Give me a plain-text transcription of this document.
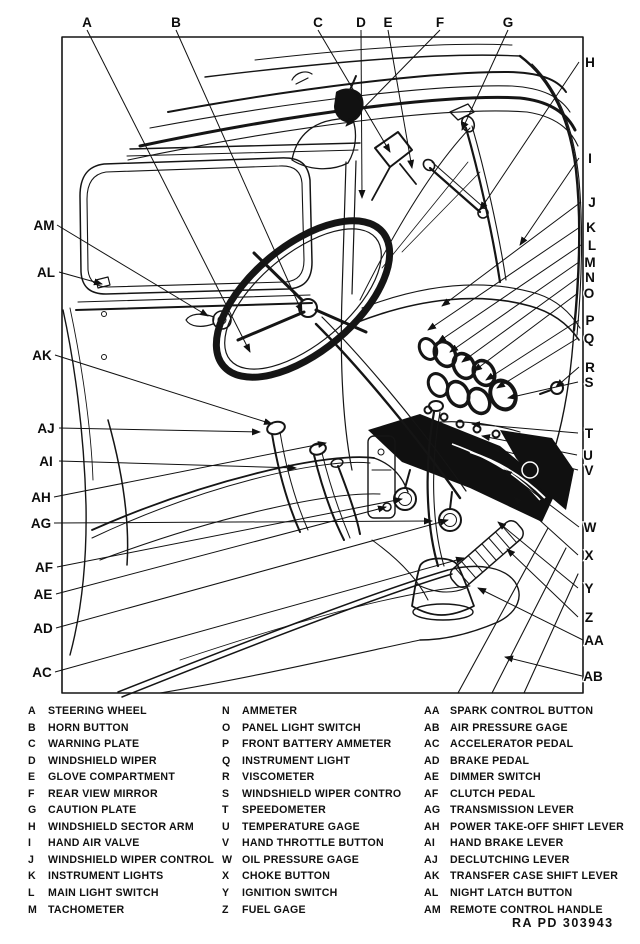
A	B	C D E	F	G
H
I
J
K
L
M
N
O
P
Q
R
S
T
U
V
W
X
Y
Z
AA
AB
AM
AL
AK
AJ
AI
AH
AG
AF
AE
AD
AC
A	STEERING WHEEL
B	HORN BUTTON
C	WARNING PLATE
D	WINDSHIELD WIPER
E	GLOVE COMPARTMENT
F	REAR VIEW MIRROR
G	CAUTION PLATE
H	WINDSHIELD SECTOR ARM
I	HAND AIR VALVE
J	WINDSHIELD WIPER CONTROL
K	INSTRUMENT LIGHTS
L	MAIN LIGHT SWITCH
M	TACHOMETER
N	AMMETER
O	PANEL LIGHT SWITCH
P	FRONT BATTERY AMMETER
Q	INSTRUMENT LIGHT
R	VISCOMETER
S	WINDSHIELD WIPER CONTRO
T	SPEEDOMETER
U	TEMPERATURE GAGE
V	HAND THROTTLE BUTTON
W OIL PRESSURE GAGE
X	CHOKE BUTTON
Y	IGNITION SWITCH
Z	FUEL GAGE
AA SPARK CONTROL BUTTON
AB AIR PRESSURE GAGE
AC ACCELERATOR PEDAL
AD BRAKE PEDAL
AE	DIMMER SWITCH
AF	CLUTCH PEDAL
AG TRANSMISSION LEVER
AH POWER TAKE-OFF SHIFT LEVER
AI	HAND BRAKE LEVER
AJ	DECLUTCHING LEVER
AK TRANSFER CASE SHIFT LEVER
AL	NIGHT LATCH BUTTON
AM REMOTE CONTROL HANDLE
RA PD 303943
